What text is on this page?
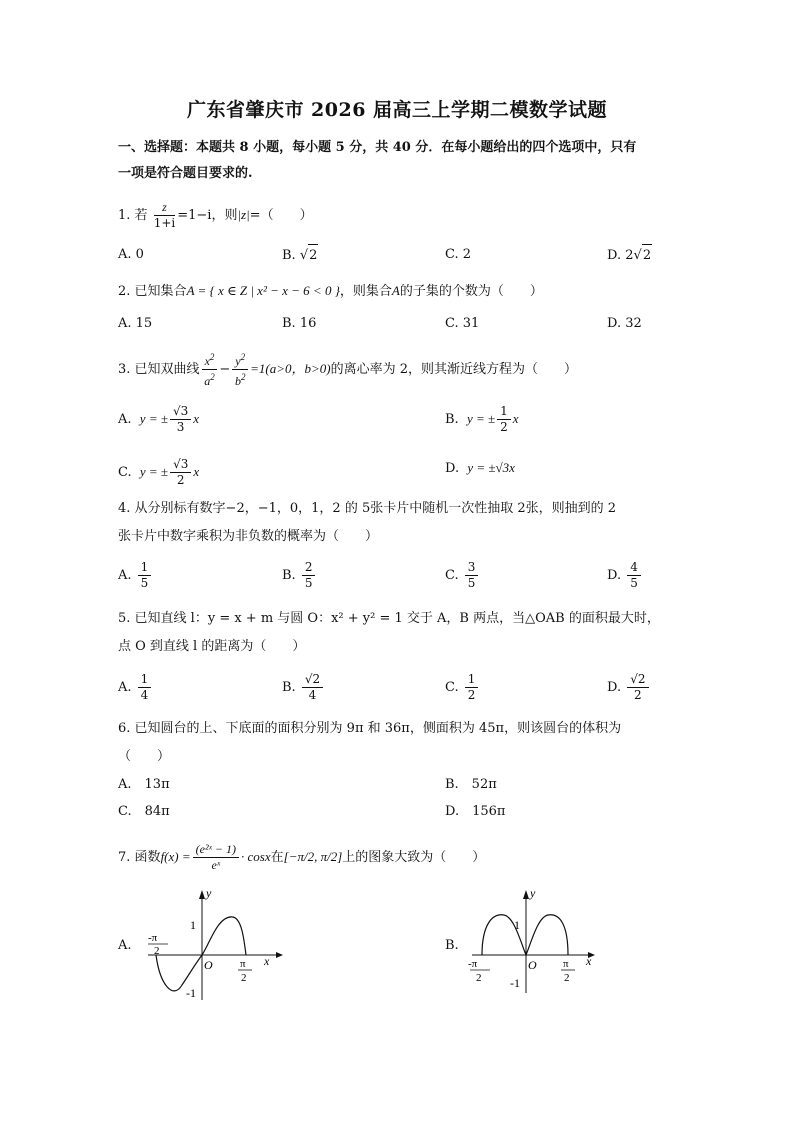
广东省肇庆市 2026 届高三上学期二模数学试题
一、选择题：本题共 8 小题，每小题 5 分，共 40 分．在每小题给出的四个选项中，只有
一项是符合题目要求的.
1. 若 $\frac{z}{1+i} =1-i$，则|z|=（　　）
A. 0	B. √2	C. 2	D. 2√2
2. 已知集合A = { x ∈ Z | x² − x − 6 < 0 }，则集合A的子集的个数为（　　）
A. 15	B. 16	C. 31	D. 32
3. 已知双曲线 $\frac{x^2}{a^2} - \frac{y^2}{b^2} =1(a>0$，b>0)的离心率为 2，则其渐近线方程为（　　）
A. y = ± $\frac{√3}{3}$ x	B. y = ± $\frac{1}{2}$ x
C. y = ± $\frac{√3}{2}$ x	D. y = ±√3x
4. 从分别标有数字−2，−1，0，1，2 的 5张卡片中随机一次性抽取 2张，则抽到的 2
张卡片中数字乘积为非负数的概率为（　　）
A. $\frac{1}{5}$	B. $\frac{2}{5}$	C. $\frac{3}{5}$	D. $\frac{4}{5}$
5. 已知直线 l：y = x + m 与圆 O：x² + y² = 1 交于 A，B 两点，当△OAB 的面积最大时，
点 O 到直线 l 的距离为（　　）
A. $\frac{1}{4}$	B. $\frac{√2}{4}$	C. $\frac{1}{2}$	D. $\frac{√2}{2}$
6. 已知圆台的上、下底面的面积分别为 9π 和 36π，侧面积为 45π，则该圆台的体积为
（　　）
A.　13π	B.　52π
C.　84π	D.　156π
7. 函数$f(x) = \frac{\text{(e²ˣ − 1)}}{\text{eˣ}} \cdot \cos x$在[−π/2, π/2]上的图象大致为（　　）
A.
y
x
O
1
-1
-π
2
π
2
B.
y
x
O
1
-1
-π
2
π
2
